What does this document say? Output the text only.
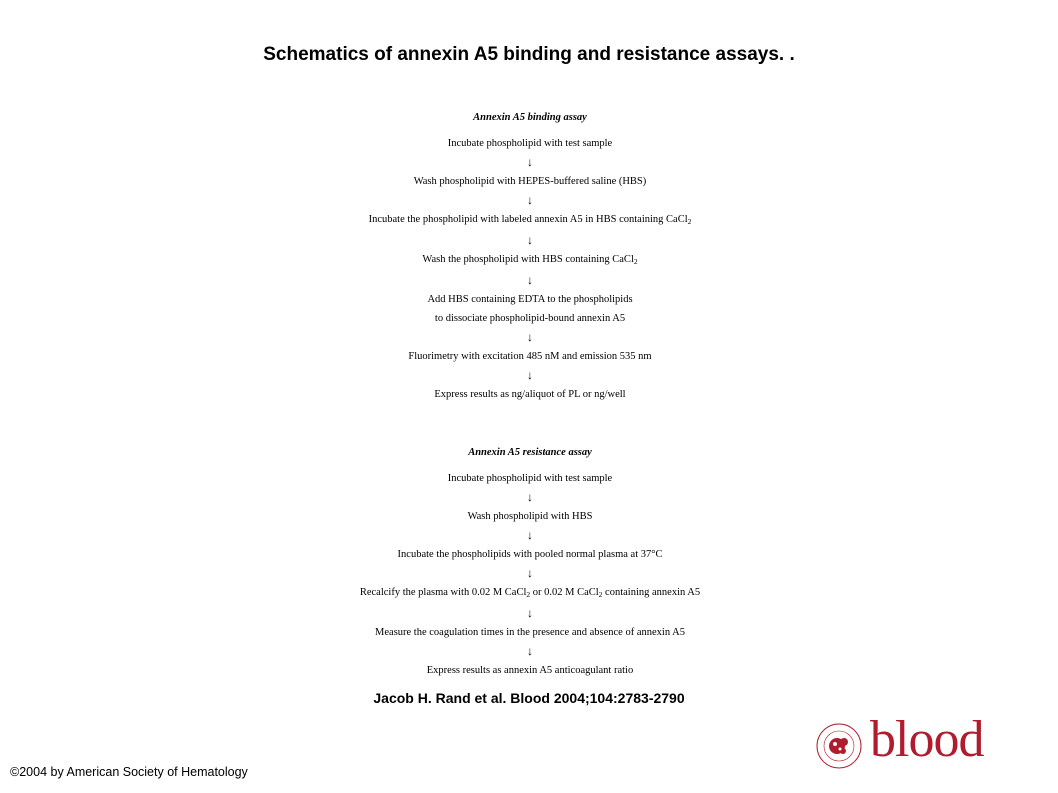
Schematics of annexin A5 binding and resistance assays. .
Annexin A5 binding assay
Incubate phospholipid with test sample
↓
Wash phospholipid with HEPES-buffered saline (HBS)
↓
Incubate the phospholipid with labeled annexin A5 in HBS containing CaCl$_2$
↓
Wash the phospholipid with HBS containing CaCl$_2$
↓
Add HBS containing EDTA to the phospholipids
to dissociate phospholipid-bound annexin A5
↓
Fluorimetry with excitation 485 nM and emission 535 nm
↓
Express results as ng/aliquot of PL or ng/well
Annexin A5 resistance assay
Incubate phospholipid with test sample
↓
Wash phospholipid with HBS
↓
Incubate the phospholipids with pooled normal plasma at 37°C
↓
Recalcify the plasma with 0.02 M CaCl$_2$ or 0.02 M CaCl$_2$ containing annexin A5
↓
Measure the coagulation times in the presence and absence of annexin A5
↓
Express results as annexin A5 anticoagulant ratio
Jacob H. Rand et al. Blood 2004;104:2783-2790
©2004 by American Society of Hematology
blood
